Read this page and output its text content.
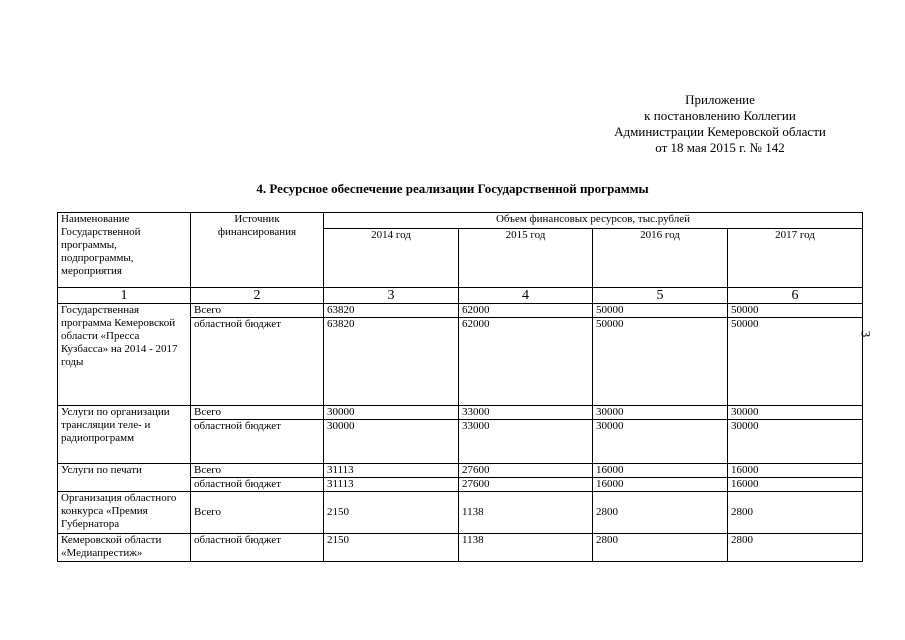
Приложение
к постановлению Коллегии
Администрации Кемеровской области
от 18 мая 2015 г. № 142
4. Ресурсное обеспечение реализации Государственной программы
3
Наименование Государственной программы, подпрограммы, мероприятия	Источник финансирования	Объем финансовых ресурсов, тыс.рублей			
		2014 год	2015 год	2016 год	2017 год
1	2	3	4	5	6
Государственная программа Кемеровской области «Пресса Кузбасса» на 2014 - 2017 годы	Всего	63820	62000	50000	50000
	областной бюджет	63820	62000	50000	50000
Услуги по организации трансляции теле- и радиопрограмм	Всего	30000	33000	30000	30000
	областной бюджет	30000	33000	30000	30000
Услуги по печати	Всего	31113	27600	16000	16000
	областной бюджет	31113	27600	16000	16000
Организация областного конкурса «Премия Губернатора	Всего	2150	1138	2800	2800
Кемеровской области «Медиапрестиж»	областной бюджет	2150	1138	2800	2800
